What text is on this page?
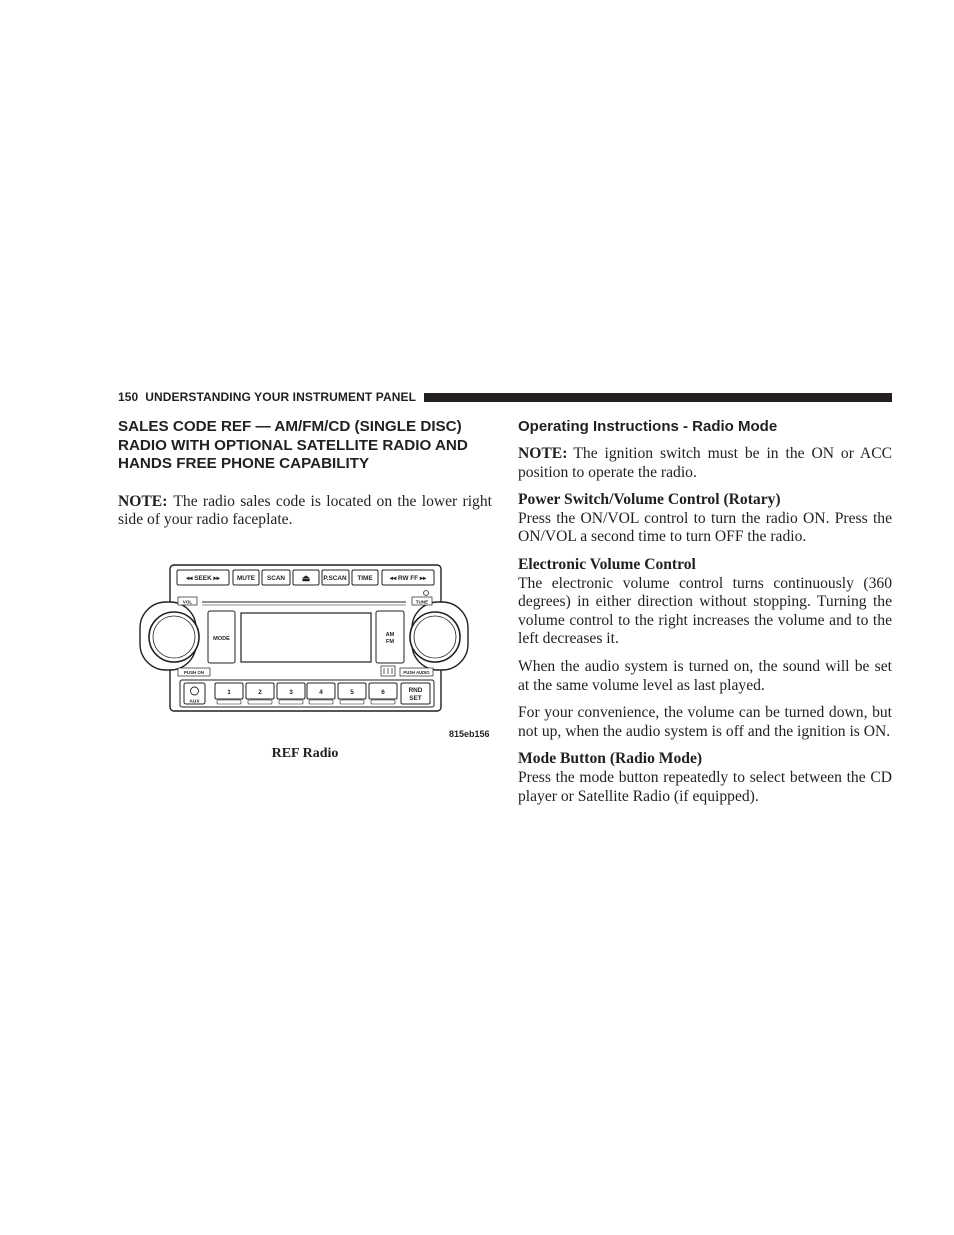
150 UNDERSTANDING YOUR INSTRUMENT PANEL
SALES CODE REF — AM/FM/CD (SINGLE DISC) RADIO WITH OPTIONAL SATELLITE RADIO AND HANDS FREE PHONE CAPABILITY

NOTE: The radio sales code is located on the lower right side of your radio faceplate.

◂◂ SEEK ▸▸	MUTE SCAN ⏏ P.SCAN TIME	◂◂ RW FF ▸▸
VOL	TUNE
MODE
AM
FM
PUSH ON	PUSH AUDIO
AUX
1	2	3	4	5	6	RND
SET
815eb156
REF Radio
Operating Instructions - Radio Mode

NOTE: The ignition switch must be in the ON or ACC position to operate the radio.

Power Switch/Volume Control (Rotary)

Press the ON/VOL control to turn the radio ON. Press the ON/VOL a second time to turn OFF the radio.

Electronic Volume Control

The electronic volume control turns continuously (360 degrees) in either direction without stopping. Turning the volume control to the right increases the volume and to the left decreases it.

When the audio system is turned on, the sound will be set at the same volume level as last played.

For your convenience, the volume can be turned down, but not up, when the audio system is off and the ignition is ON.

Mode Button (Radio Mode)

Press the mode button repeatedly to select between the CD player or Satellite Radio (if equipped).
